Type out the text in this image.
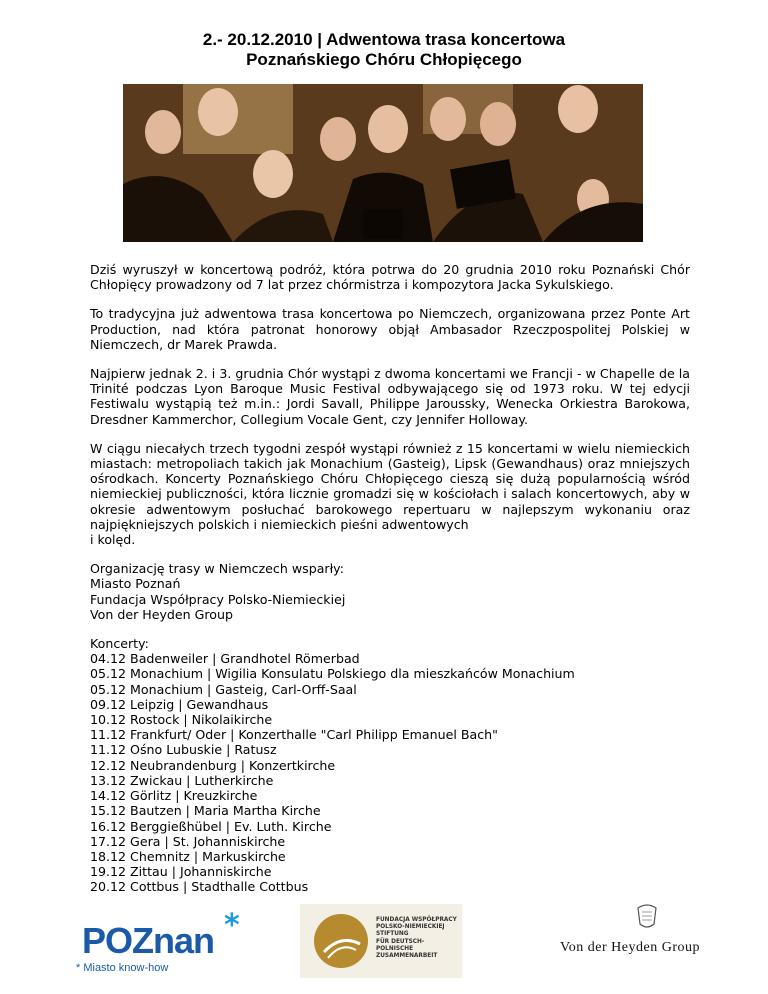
2.- 20.12.2010 | Adwentowa trasa koncertowa
Poznańskiego Chóru Chłopięcego

Dziś wyruszył w koncertową podróż, która potrwa do 20 grudnia 2010 roku Poznański Chór Chłopięcy prowadzony od 7 lat przez chórmistrza i kompozytora Jacka Sykulskiego.

To tradycyjna już adwentowa trasa koncertowa po Niemczech, organizowana przez Ponte Art Production, nad która patronat honorowy objął Ambasador Rzeczpospolitej Polskiej w Niemczech, dr Marek Prawda.

Najpierw jednak 2. i 3. grudnia Chór wystąpi z dwoma koncertami we Francji - w Chapelle de la Trinité podczas Lyon Baroque Music Festival odbywającego się od 1973 roku. W tej edycji Festiwalu wystąpią też m.in.: Jordi Savall, Philippe Jaroussky, Wenecka Orkiestra Barokowa, Dresdner Kammerchor, Collegium Vocale Gent, czy Jennifer Holloway.

W ciągu niecałych trzech tygodni zespół wystąpi również z 15 koncertami w wielu niemieckich miastach: metropoliach takich jak Monachium (Gasteig), Lipsk (Gewandhaus) oraz mniejszych ośrodkach. Koncerty Poznańskiego Chóru Chłopięcego cieszą się dużą popularnością wśród niemieckiej publiczności, która licznie gromadzi się w kościołach i salach koncertowych, aby w okresie adwentowym posłuchać barokowego repertuaru w najlepszym wykonaniu oraz najpiękniejszych polskich i niemieckich pieśni adwentowych
i kolęd.

Organizację trasy w Niemczech wsparły:
Miasto Poznań
Fundacja Współpracy Polsko-Niemieckiej
Von der Heyden Group

Koncerty:
04.12 Badenweiler | Grandhotel Römerbad
05.12 Monachium | Wigilia Konsulatu Polskiego dla mieszkańców Monachium
05.12 Monachium | Gasteig, Carl-Orff-Saal
09.12 Leipzig | Gewandhaus
10.12 Rostock | Nikolaikirche
11.12 Frankfurt/ Oder | Konzerthalle "Carl Philipp Emanuel Bach"
11.12 Ośno Lubuskie | Ratusz
12.12 Neubrandenburg | Konzertkirche
13.12 Zwickau | Lutherkirche
14.12 Görlitz | Kreuzkirche
15.12 Bautzen | Maria Martha Kirche
16.12 Berggießhübel | Ev. Luth. Kirche
17.12 Gera | St. Johanniskirche
18.12 Chemnitz | Markuskirche
19.12 Zittau | Johanniskirche
20.12 Cottbus | Stadthalle Cottbus

POZnan *
* Miasto know-how
FUNDACJA WSPÓŁPRACY
POLSKO-NIEMIECKIEJ
STIFTUNG
FÜR DEUTSCH-POLNISCHE
ZUSAMMENARBEIT
Von der Heyden Group
